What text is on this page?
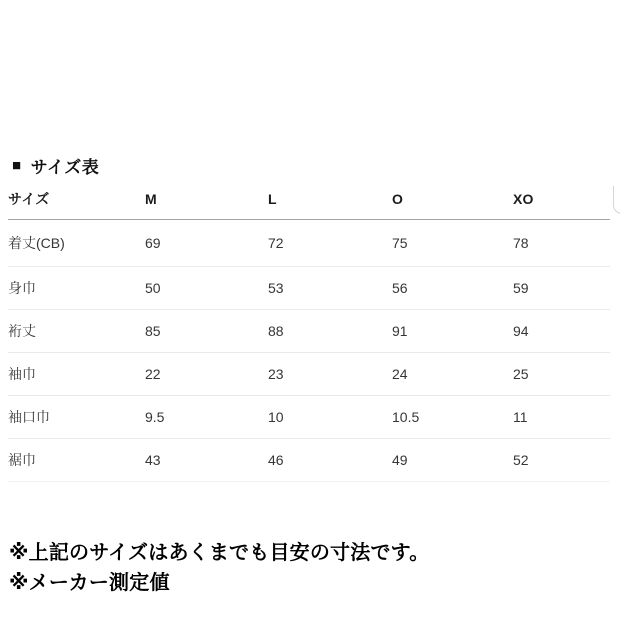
■ サイズ表
サイズ	M	L	O	XO
着丈(CB)	69	72	75	78
身巾	50	53	56	59
裄丈	85	88	91	94
袖巾	22	23	24	25
袖口巾	9.5	10	10.5	11
裾巾	43	46	49	52
※上記のサイズはあくまでも目安の寸法です。
※メーカー測定値
